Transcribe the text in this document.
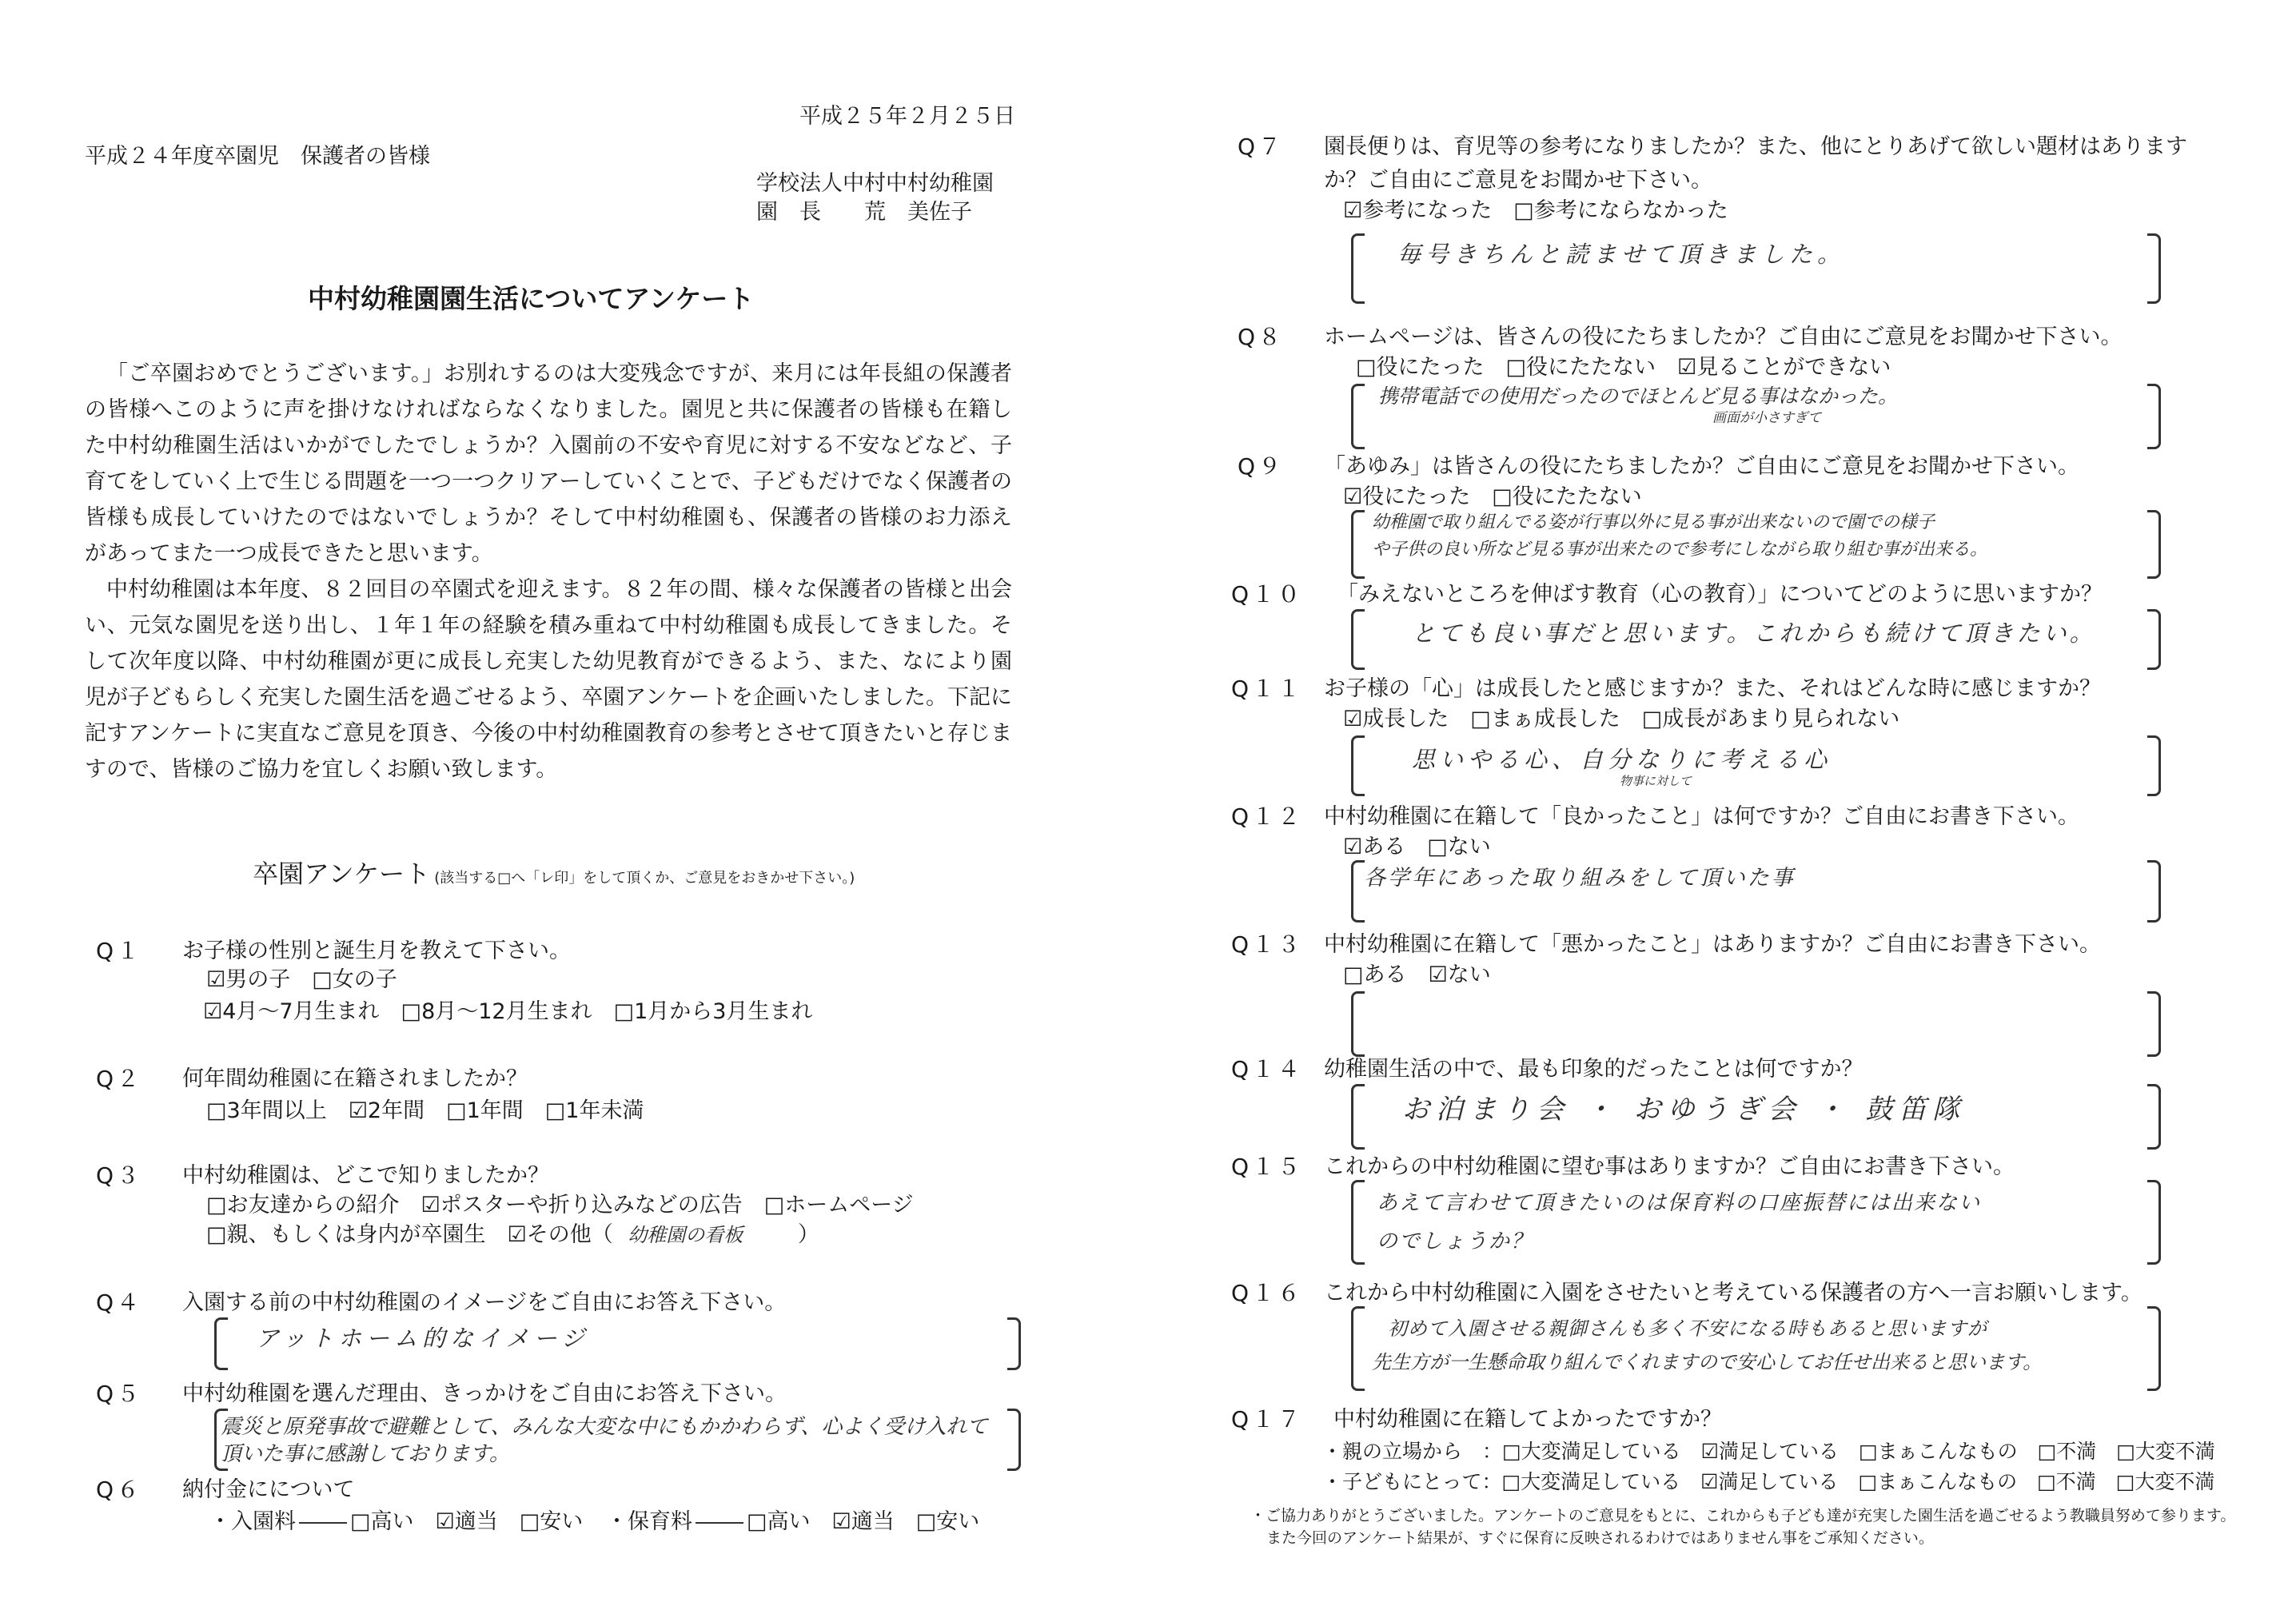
平成２５年２月２５日
平成２４年度卒園児　保護者の皆様
学校法人中村中村幼稚園
園　長　　荒　美佐子
中村幼稚園園生活についてアンケート

「ご卒園おめでとうございます。」お別れするのは大変残念ですが、来月には年長組の保護者の皆様へこのように声を掛けなければならなくなりました。園児と共に保護者の皆様も在籍した中村幼稚園生活はいかがでしたでしょうか？入園前の不安や育児に対する不安などなど、子育てをしていく上で生じる問題を一つ一つクリアーしていくことで、子どもだけでなく保護者の皆様も成長していけたのではないでしょうか？そして中村幼稚園も、保護者の皆様のお力添えがあってまた一つ成長できたと思います。

中村幼稚園は本年度、８２回目の卒園式を迎えます。８２年の間、様々な保護者の皆様と出会い、元気な園児を送り出し、１年１年の経験を積み重ねて中村幼稚園も成長してきました。そして次年度以降、中村幼稚園が更に成長し充実した幼児教育ができるよう、また、なにより園児が子どもらしく充実した園生活を過ごせるよう、卒園アンケートを企画いたしました。下記に記すアンケートに実直なご意見を頂き、今後の中村幼稚園教育の参考とさせて頂きたいと存じますので、皆様のご協力を宜しくお願い致します。

卒園アンケート (該当する□へ「レ印」をして頂くか、ご意見をおきかせ下さい。)
Q１ お子様の性別と誕生月を教えて下さい。
☑男の子　□女の子
☑4月～7月生まれ　□8月～12月生まれ　□1月から3月生まれ
Q２ 何年間幼稚園に在籍されましたか？
□3年間以上　☑2年間　□1年間　□1年未満
Q３ 中村幼稚園は、どこで知りましたか？
□お友達からの紹介　☑ポスターや折り込みなどの広告　□ホームページ
□親、もしくは身内が卒園生　☑その他（ 幼稚園の看板	）
Q４ 入園する前の中村幼稚園のイメージをご自由にお答え下さい。
アットホーム的なイメージ
Q５ 中村幼稚園を選んだ理由、きっかけをご自由にお答え下さい。
震災と原発事故で避難として、みんな大変な中にもかかわらず、心よく受け入れて
頂いた事に感謝しております。
Q６ 納付金にについて
・入園料	□高い　☑適当　□安い ・保育料	□高い　☑適当　□安い
Q７ 園長便りは、育児等の参考になりましたか？また、他にとりあげて欲しい題材はあります
か？ご自由にご意見をお聞かせ下さい。
☑参考になった　□参考にならなかった
毎号きちんと読ませて頂きました。
Q８ ホームページは、皆さんの役にたちましたか？ご自由にご意見をお聞かせ下さい。
□役にたった　□役にたたない　☑見ることができない
携帯電話での使用だったのでほとんど見る事はなかった。
画面が小さすぎて
Q９ 「あゆみ」は皆さんの役にたちましたか？ご自由にご意見をお聞かせ下さい。
☑役にたった　□役にたたない
幼稚園で取り組んでる姿が行事以外に見る事が出来ないので園での様子
や子供の良い所など見る事が出来たので参考にしながら取り組む事が出来る。
Q１０ 「みえないところを伸ばす教育（心の教育）」についてどのように思いますか？
とても良い事だと思います。これからも続けて頂きたい。
Q１１ お子様の「心」は成長したと感じますか？また、それはどんな時に感じますか？
☑成長した　□まぁ成長した　□成長があまり見られない
思いやる心、自分なりに考える心
物事に対して
Q１２ 中村幼稚園に在籍して「良かったこと」は何ですか？ご自由にお書き下さい。
☑ある　□ない
各学年にあった取り組みをして頂いた事
Q１３ 中村幼稚園に在籍して「悪かったこと」はありますか？ご自由にお書き下さい。
□ある　☑ない
Q１４ 幼稚園生活の中で、最も印象的だったことは何ですか？
お泊まり会 ・ おゆうぎ会 ・ 鼓笛隊
Q１５ これからの中村幼稚園に望む事はありますか？ご自由にお書き下さい。
あえて言わせて頂きたいのは保育料の口座振替には出来ない
のでしょうか？
Q１６ これから中村幼稚園に入園をさせたいと考えている保護者の方へ一言お願いします。
初めて入園させる親御さんも多く不安になる時もあると思いますが
先生方が一生懸命取り組んでくれますので安心してお任せ出来ると思います。
Q１７ 中村幼稚園に在籍してよかったですか？
・親の立場から　：□大変満足している　☑満足している　□まぁこんなもの　□不満　□大変不満
・子どもにとって：□大変満足している　☑満足している　□まぁこんなもの　□不満　□大変不満
・ご協力ありがとうございました。アンケートのご意見をもとに、これからも子ども達が充実した園生活を過ごせるよう教職員努めて参ります。
また今回のアンケート結果が、すぐに保育に反映されるわけではありません事をご承知ください。
